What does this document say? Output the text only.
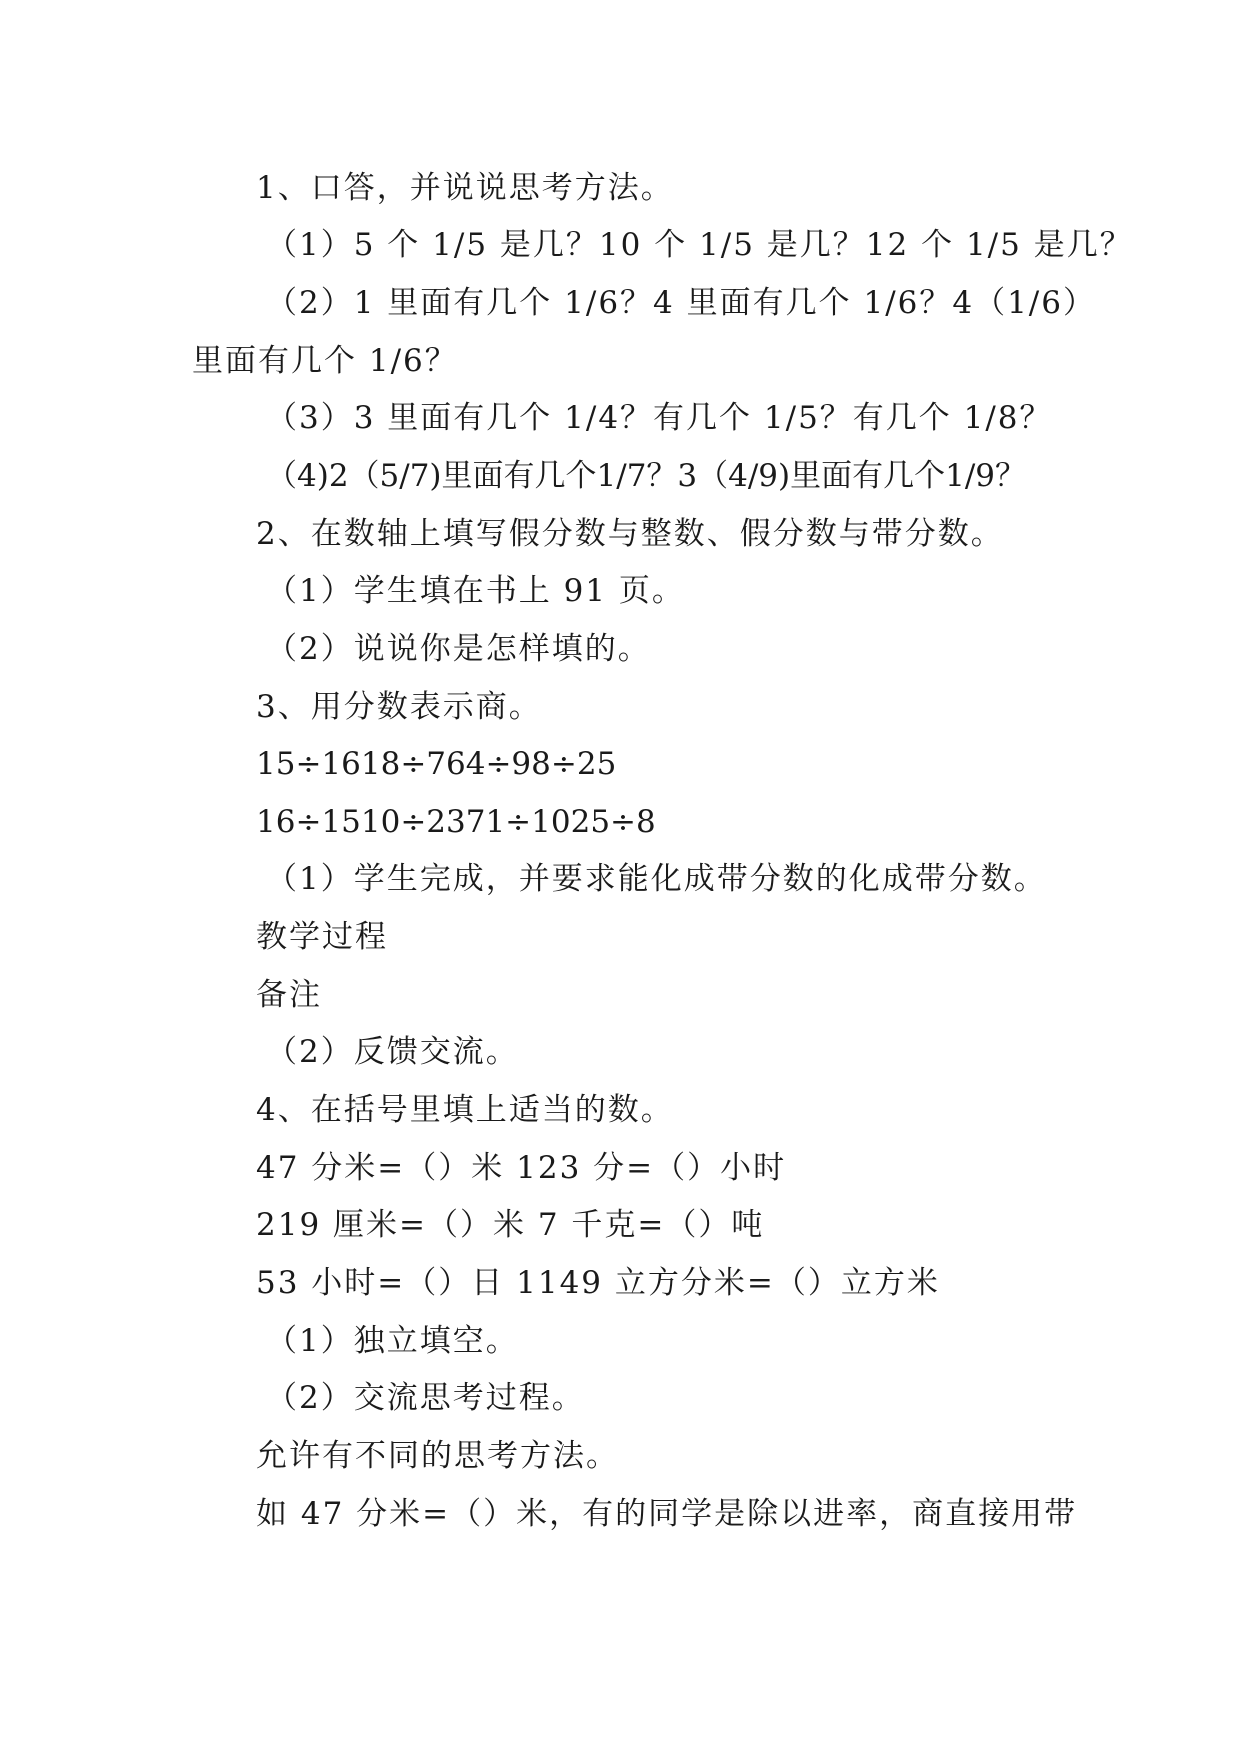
1、口答，并说说思考方法。
（1）5 个 1/5 是几？10 个 1/5 是几？12 个 1/5 是几？
（2）1 里面有几个 1/6？4 里面有几个 1/6？4（1/6）
里面有几个 1/6？
（3）3 里面有几个 1/4？有几个 1/5？有几个 1/8？
（4)2（5/7)里面有几个1/7？3（4/9)里面有几个1/9？
2、在数轴上填写假分数与整数、假分数与带分数。
（1）学生填在书上 91 页。
（2）说说你是怎样填的。
3、用分数表示商。
15÷1618÷764÷98÷25
16÷1510÷2371÷1025÷8
（1）学生完成，并要求能化成带分数的化成带分数。
教学过程
备注
（2）反馈交流。
4、在括号里填上适当的数。
47 分米=（）米 123 分=（）小时
219 厘米=（）米 7 千克=（）吨
53 小时=（）日 1149 立方分米=（）立方米
（1）独立填空。
（2）交流思考过程。
允许有不同的思考方法。
如 47 分米=（）米，有的同学是除以进率，商直接用带
